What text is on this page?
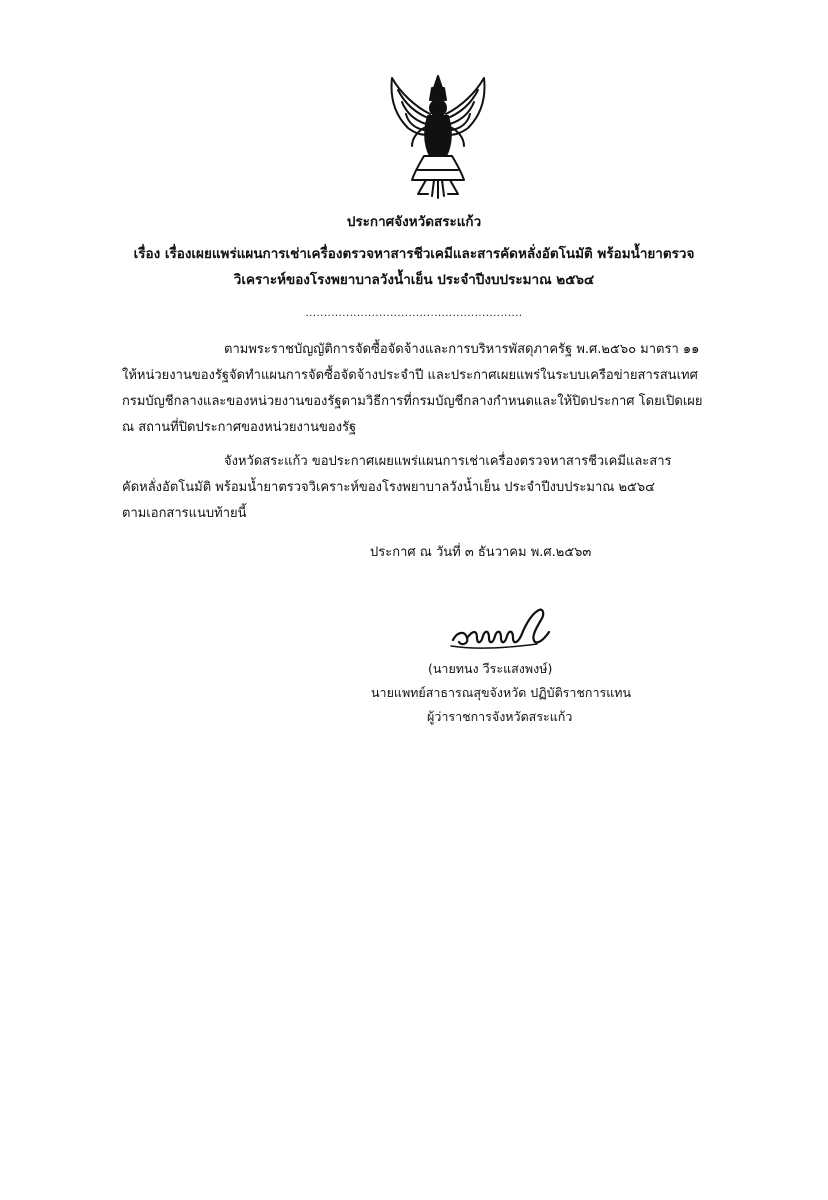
ประกาศจังหวัดสระแก้ว
เรื่อง เรื่องเผยแพร่แผนการเช่าเครื่องตรวจหาสารชีวเคมีและสารคัดหลั่งอัตโนมัติ พร้อมน้ำยาตรวจ
วิเคราะห์ของโรงพยาบาลวังน้ำเย็น ประจำปีงบประมาณ ๒๕๖๔
...........................................................
ตามพระราชบัญญัติการจัดซื้อจัดจ้างและการบริหารพัสดุภาครัฐ พ.ศ.๒๕๖๐ มาตรา ๑๑
ให้หน่วยงานของรัฐจัดทำแผนการจัดซื้อจัดจ้างประจำปี และประกาศเผยแพร่ในระบบเครือข่ายสารสนเทศ
กรมบัญชีกลางและของหน่วยงานของรัฐตามวิธีการที่กรมบัญชีกลางกำหนดและให้ปิดประกาศ โดยเปิดเผย
ณ สถานที่ปิดประกาศของหน่วยงานของรัฐ
จังหวัดสระแก้ว ขอประกาศเผยแพร่แผนการเช่าเครื่องตรวจหาสารชีวเคมีและสาร
คัดหลั่งอัตโนมัติ พร้อมน้ำยาตรวจวิเคราะห์ของโรงพยาบาลวังน้ำเย็น ประจำปีงบประมาณ ๒๕๖๔
ตามเอกสารแนบท้ายนี้
ประกาศ ณ วันที่ ๓ ธันวาคม พ.ศ.๒๕๖๓
(นายทนง วีระแสงพงษ์)
นายแพทย์สาธารณสุขจังหวัด ปฏิบัติราชการแทน
ผู้ว่าราชการจังหวัดสระแก้ว
